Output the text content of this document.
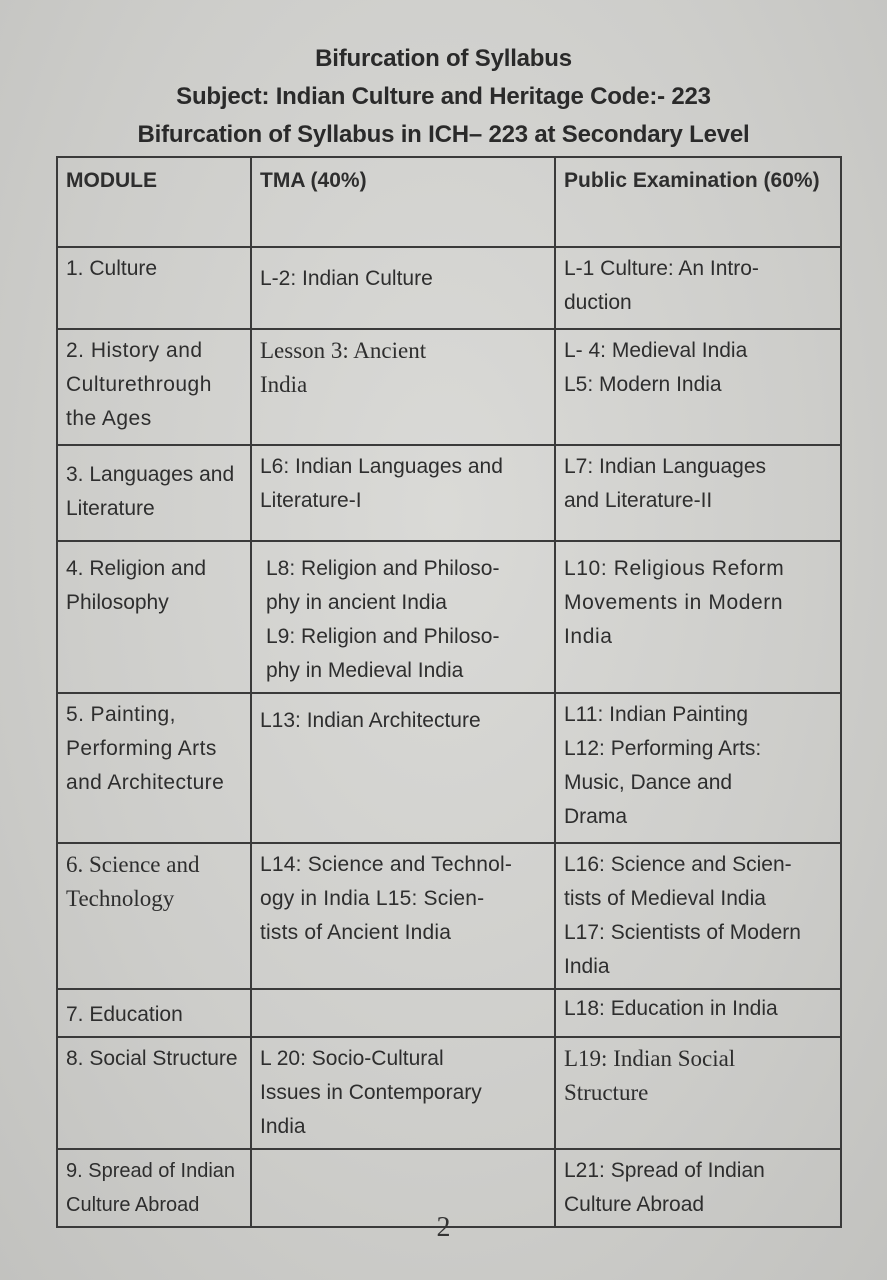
Bifurcation of Syllabus
Subject: Indian Culture and Heritage Code:- 223
Bifurcation of Syllabus in ICH– 223 at Secondary Level
MODULE	TMA (40%)	Public Examination (60%)
1. Culture	L-2: Indian Culture	L-1 Culture: An Intro-
duction

2. History and Culturethrough the Ages	Lesson 3: Ancient
India	L- 4: Medieval India
L5: Modern India

3. Languages and Literature	L6: Indian Languages and
Literature-I	L7: Indian Languages
and Literature-II

4. Religion and Philosophy	L8: Religion and Philoso-
phy in ancient India
L9: Religion and Philoso-
phy in Medieval India	L10: Religious Reform
Movements in Modern
India

5. Painting, Performing Arts and Architecture	L13: Indian Architecture	L11: Indian Painting
L12: Performing Arts:
Music, Dance and
Drama

6. Science and Technology	L14: Science and Technol-
ogy in India L15: Scien-
tists of Ancient India	L16: Science and Scien-
tists of Medieval India
L17: Scientists of Modern
India

7. Education		L18: Education in India

8. Social Structure	L 20: Socio-Cultural
Issues in Contemporary
India	L19: Indian Social
Structure

9. Spread of Indian Culture Abroad		L21: Spread of Indian
Culture Abroad
2
